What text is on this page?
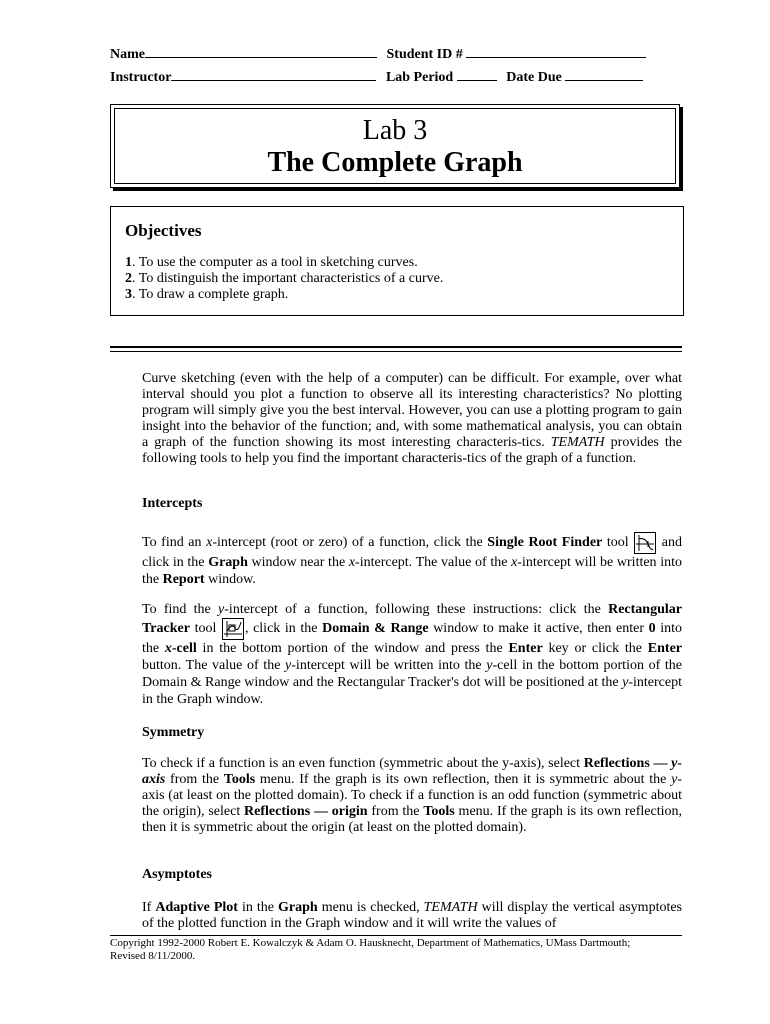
Name	Student ID #
Instructor	Lab Period	Date Due
Lab 3
The Complete Graph
Objectives
1. To use the computer as a tool in sketching curves.
2. To distinguish the important characteristics of a curve.
3. To draw a complete graph.
Curve sketching (even with the help of a computer) can be difficult. For example, over what interval should you plot a function to observe all its interesting characteristics? No plotting program will simply give you the best interval. However, you can use a plotting program to gain insight into the behavior of the function; and, with some mathematical analysis, you can obtain a graph of the function showing its most interesting characteris-tics. TEMATH provides the following tools to help you find the important characteris-tics of the graph of a function.
Intercepts
To find an x-intercept (root or zero) of a function, click the Single Root Finder tool
and click in the Graph window near the x-intercept. The value of the x-intercept will be written into the Report window.
To find the y-intercept of a function, following these instructions: click the Rectangular Tracker tool
, click in the Domain & Range window to make it active, then enter 0 into the x-cell in the bottom portion of the window and press the Enter key or click the Enter button. The value of the y-intercept will be written into the y-cell in the bottom portion of the Domain & Range window and the Rectangular Tracker's dot will be positioned at the y-intercept in the Graph window.
Symmetry
To check if a function is an even function (symmetric about the y-axis), select Reflections — y-axis from the Tools menu. If the graph is its own reflection, then it is symmetric about the y-axis (at least on the plotted domain). To check if a function is an odd function (symmetric about the origin), select Reflections — origin from the Tools menu. If the graph is its own reflection, then it is symmetric about the origin (at least on the plotted domain).
Asymptotes
If Adaptive Plot in the Graph menu is checked, TEMATH will display the vertical asymptotes of the plotted function in the Graph window and it will write the values of
Copyright 1992-2000 Robert E. Kowalczyk & Adam O. Hausknecht, Department of Mathematics, UMass Dartmouth;
Revised 8/11/2000.
